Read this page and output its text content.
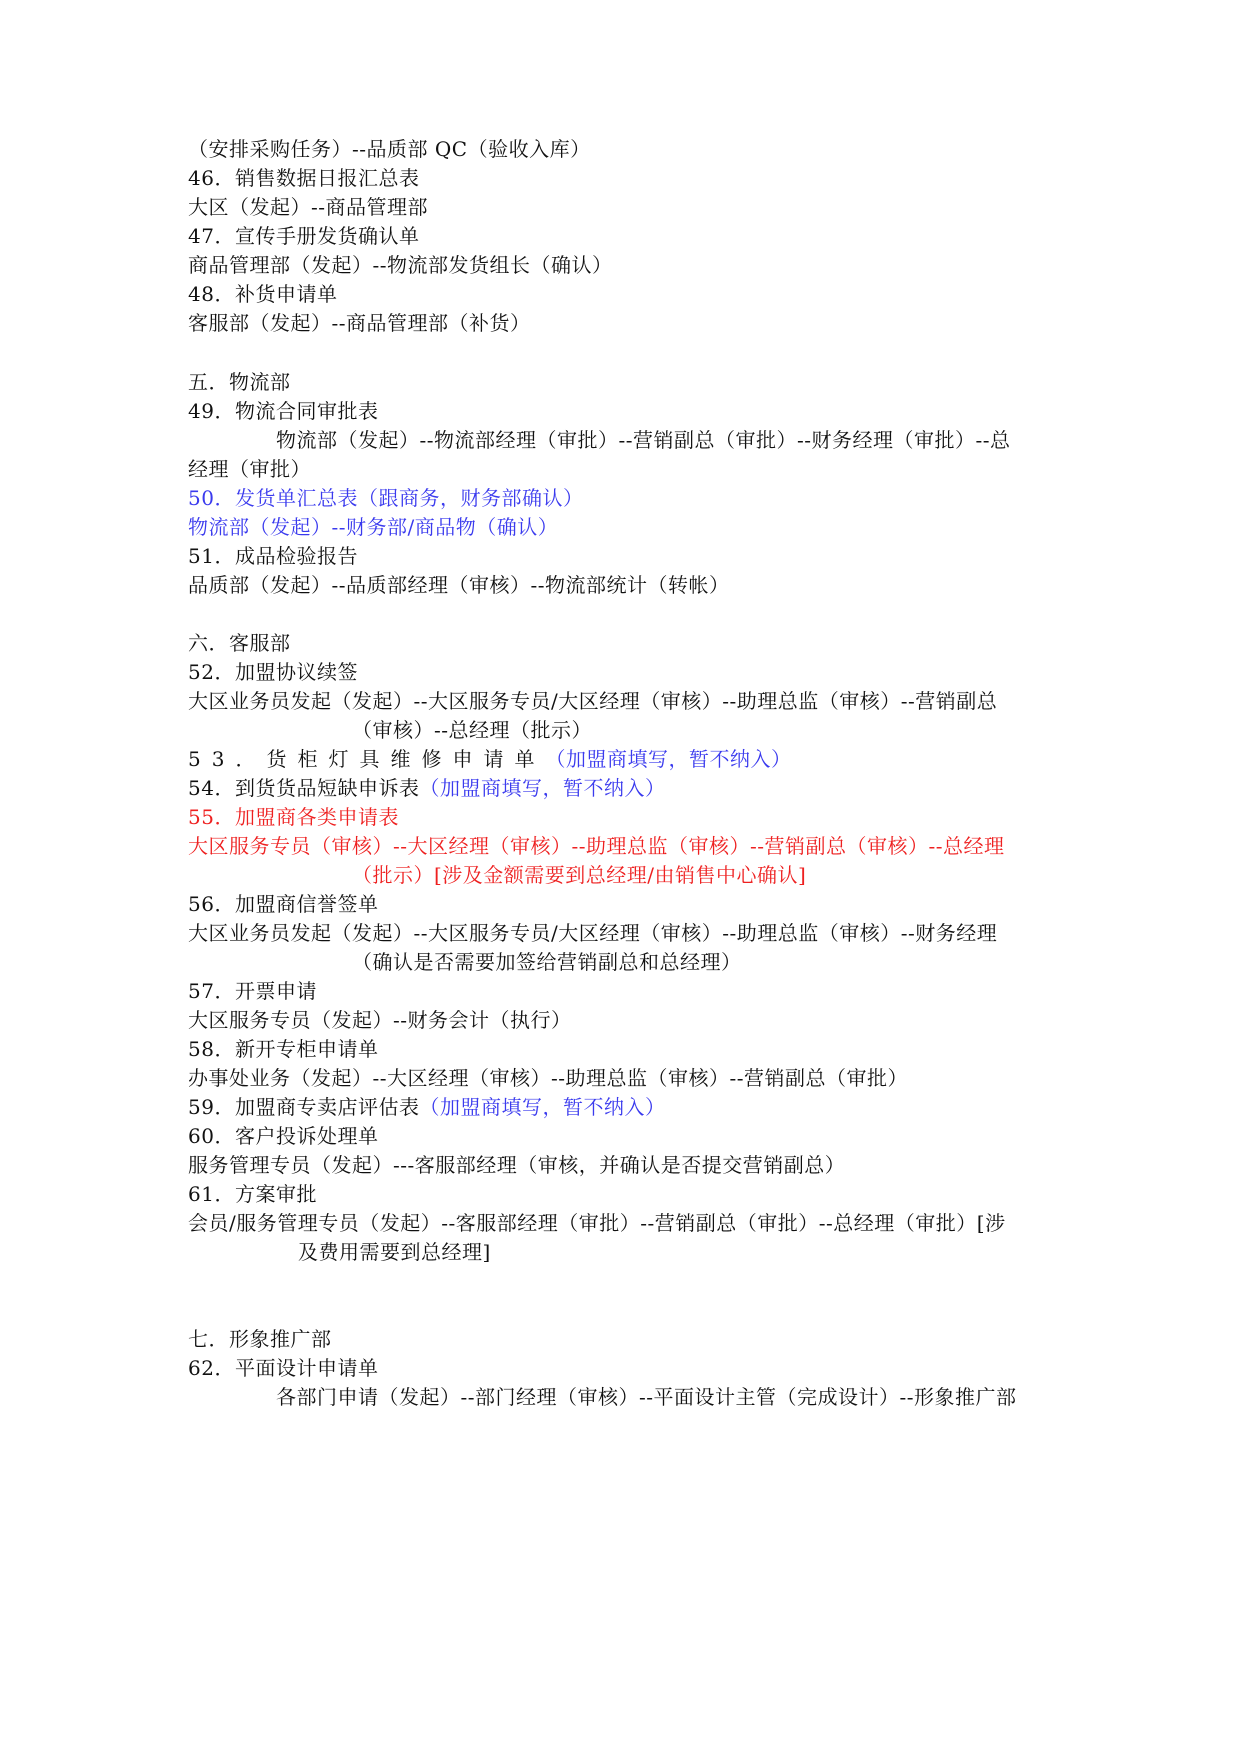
（安排采购任务）--品质部 QC（验收入库）
46．销售数据日报汇总表
大区（发起）--商品管理部
47．宣传手册发货确认单
商品管理部（发起）--物流部发货组长（确认）
48．补货申请单
客服部（发起）--商品管理部（补货）
五．物流部
49．物流合同审批表
物流部（发起）--物流部经理（审批）--营销副总（审批）--财务经理（审批）--总
经理（审批）
50．发货单汇总表（跟商务，财务部确认）
物流部（发起）--财务部/商品物（确认）
51．成品检验报告
品质部（发起）--品质部经理（审核）--物流部统计（转帐）
六．客服部
52．加盟协议续签
大区业务员发起（发起）--大区服务专员/大区经理（审核）--助理总监（审核）--营销副总
（审核）--总经理（批示）
53．货柜灯具维修申请单（加盟商填写，暂不纳入）
54．到货货品短缺申诉表（加盟商填写，暂不纳入）
55．加盟商各类申请表
大区服务专员（审核）--大区经理（审核）--助理总监（审核）--营销副总（审核）--总经理
（批示）[涉及金额需要到总经理/由销售中心确认]
56．加盟商信誉签单
大区业务员发起（发起）--大区服务专员/大区经理（审核）--助理总监（审核）--财务经理
（确认是否需要加签给营销副总和总经理）
57．开票申请
大区服务专员（发起）--财务会计（执行）
58．新开专柜申请单
办事处业务（发起）--大区经理（审核）--助理总监（审核）--营销副总（审批）
59．加盟商专卖店评估表（加盟商填写，暂不纳入）
60．客户投诉处理单
服务管理专员（发起）---客服部经理（审核，并确认是否提交营销副总）
61．方案审批
会员/服务管理专员（发起）--客服部经理（审批）--营销副总（审批）--总经理（审批）[涉
及费用需要到总经理]
七．形象推广部
62．平面设计申请单
各部门申请（发起）--部门经理（审核）--平面设计主管（完成设计）--形象推广部
